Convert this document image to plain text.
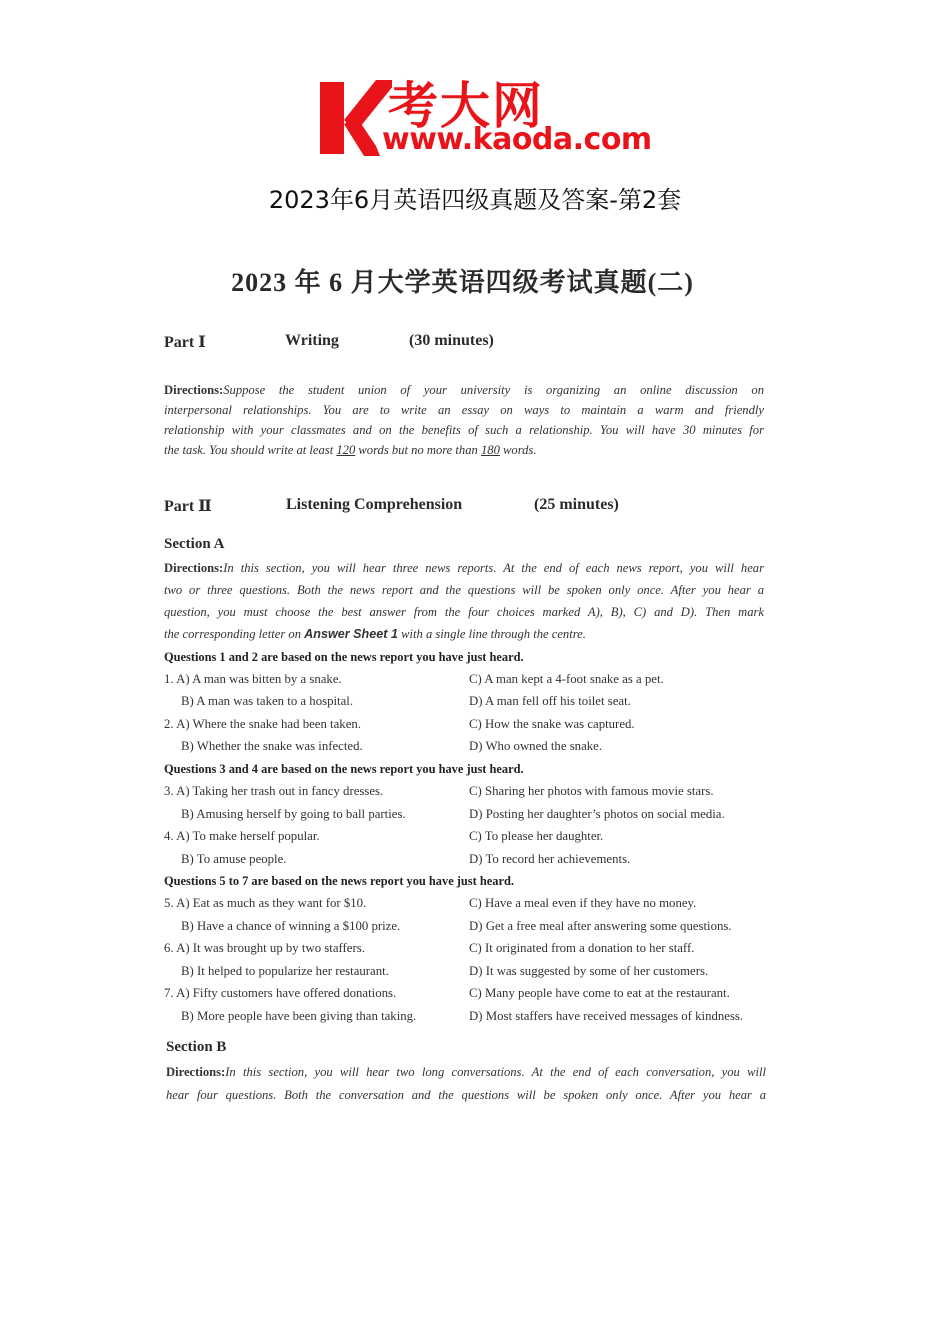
考大网
www.kaoda.com
2023年6月英语四级真题及答案-第2套
2023 年 6 月大学英语四级考试真题(二)
Part Ⅰ	Writing	(30 minutes)
Directions:Suppose the student union of your university is organizing an online discussion on
interpersonal relationships. You are to write an essay on ways to maintain a warm and friendly
relationship with your classmates and on the benefits of such a relationship. You will have 30 minutes for
the task. You should write at least 120 words but no more than 180 words.
Part Ⅱ	Listening Comprehension	(25 minutes)
Section A
Directions:In this section, you will hear three news reports. At the end of each news report, you will hear
two or three questions. Both the news report and the questions will be spoken only once. After you hear a
question, you must choose the best answer from the four choices marked A), B), C) and D). Then mark
the corresponding letter on Answer Sheet 1 with a single line through the centre.
Questions 1 and 2 are based on the news report you have just heard.
1. A) A man was bitten by a snake.	C) A man kept a 4-foot snake as a pet.
B) A man was taken to a hospital.	D) A man fell off his toilet seat.
2. A) Where the snake had been taken.	C) How the snake was captured.
B) Whether the snake was infected.	D) Who owned the snake.
Questions 3 and 4 are based on the news report you have just heard.
3. A) Taking her trash out in fancy dresses.	C) Sharing her photos with famous movie stars.
B) Amusing herself by going to ball parties.	D) Posting her daughter’s photos on social media.
4. A) To make herself popular.	C) To please her daughter.
B) To amuse people.	D) To record her achievements.
Questions 5 to 7 are based on the news report you have just heard.
5. A) Eat as much as they want for $10.	C) Have a meal even if they have no money.
B) Have a chance of winning a $100 prize.	D) Get a free meal after answering some questions.
6. A) It was brought up by two staffers.	C) It originated from a donation to her staff.
B) It helped to popularize her restaurant.	D) It was suggested by some of her customers.
7. A) Fifty customers have offered donations.	C) Many people have come to eat at the restaurant.
B) More people have been giving than taking.	D) Most staffers have received messages of kindness.
Section B
Directions:In this section, you will hear two long conversations. At the end of each conversation, you will
hear four questions. Both the conversation and the questions will be spoken only once. After you hear a
